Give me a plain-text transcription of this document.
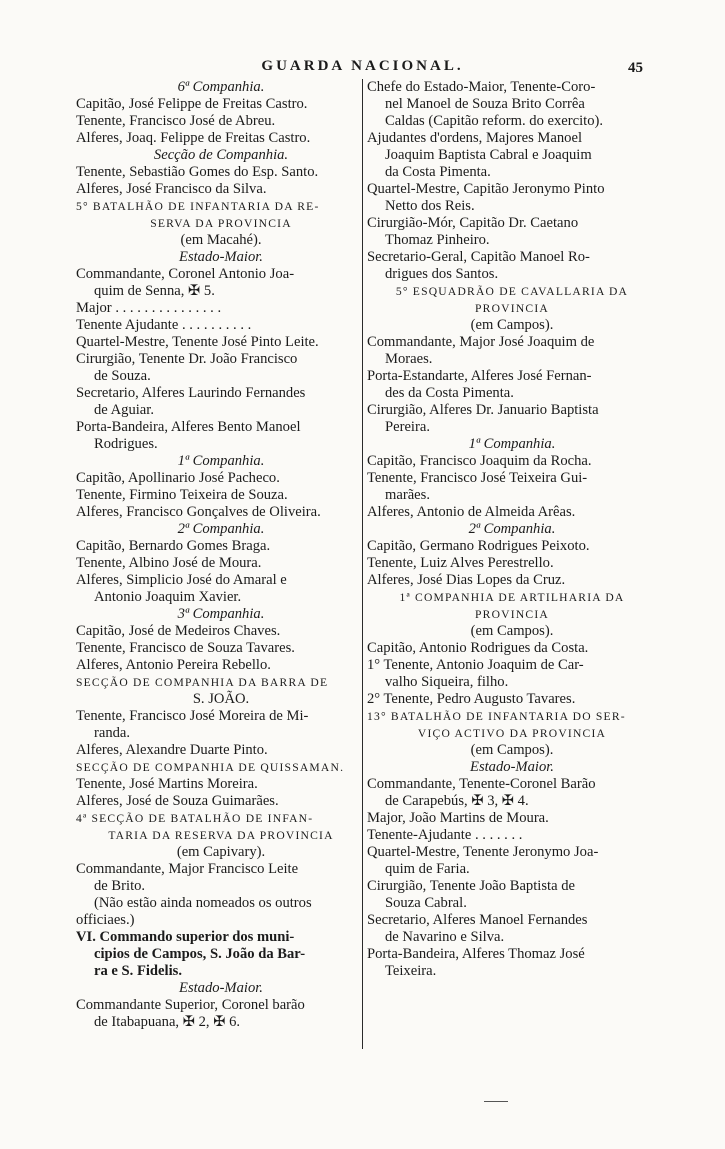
GUARDA NACIONAL.	45
6ª Companhia.
Capitão, José Felippe de Freitas Castro.
Tenente, Francisco José de Abreu.
Alferes, Joaq. Felippe de Freitas Castro.
Secção de Companhia.
Tenente, Sebastião Gomes do Esp. Santo.
Alferes, José Francisco da Silva.
5° BATALHÃO DE INFANTARIA DA RE-
SERVA DA PROVINCIA
(em Macahé).
Estado-Maior.
Commandante, Coronel Antonio Joa-
quim de Senna, ✠ 5.
Major . . . . . . . . . . . . . . .
Tenente Ajudante . . . . . . . . . .
Quartel-Mestre, Tenente José Pinto Leite.
Cirurgião, Tenente Dr. João Francisco
de Souza.
Secretario, Alferes Laurindo Fernandes
de Aguiar.
Porta-Bandeira, Alferes Bento Manoel
Rodrigues.
1ª Companhia.
Capitão, Apollinario José Pacheco.
Tenente, Firmino Teixeira de Souza.
Alferes, Francisco Gonçalves de Oliveira.
2ª Companhia.
Capitão, Bernardo Gomes Braga.
Tenente, Albino José de Moura.
Alferes, Simplicio José do Amaral e
Antonio Joaquim Xavier.
3ª Companhia.
Capitão, José de Medeiros Chaves.
Tenente, Francisco de Souza Tavares.
Alferes, Antonio Pereira Rebello.
SECÇÃO DE COMPANHIA DA BARRA DE
S. JOÃO.
Tenente, Francisco José Moreira de Mi-
randa.
Alferes, Alexandre Duarte Pinto.
SECÇÃO DE COMPANHIA DE QUISSAMAN.
Tenente, José Martins Moreira.
Alferes, José de Souza Guimarães.
4ª SECÇÃO DE BATALHÃO DE INFAN-
TARIA DA RESERVA DA PROVINCIA
(em Capivary).
Commandante, Major Francisco Leite
de Brito.
(Não estão ainda nomeados os outros
officiaes.)
VI. Commando superior dos muni-
cipios de Campos, S. João da Bar-
ra e S. Fidelis.
Estado-Maior.
Commandante Superior, Coronel barão
de Itabapuana, ✠ 2, ✠ 6.
Chefe do Estado-Maior, Tenente-Coro-
nel Manoel de Souza Brito Corrêa
Caldas (Capitão reform. do exercito).
Ajudantes d'ordens, Majores Manoel
Joaquim Baptista Cabral e Joaquim
da Costa Pimenta.
Quartel-Mestre, Capitão Jeronymo Pinto
Netto dos Reis.
Cirurgião-Mór, Capitão Dr. Caetano
Thomaz Pinheiro.
Secretario-Geral, Capitão Manoel Ro-
drigues dos Santos.
5° ESQUADRÃO DE CAVALLARIA DA
PROVINCIA
(em Campos).
Commandante, Major José Joaquim de
Moraes.
Porta-Estandarte, Alferes José Fernan-
des da Costa Pimenta.
Cirurgião, Alferes Dr. Januario Baptista
Pereira.
1ª Companhia.
Capitão, Francisco Joaquim da Rocha.
Tenente, Francisco José Teixeira Gui-
marães.
Alferes, Antonio de Almeida Arêas.
2ª Companhia.
Capitão, Germano Rodrigues Peixoto.
Tenente, Luiz Alves Perestrello.
Alferes, José Dias Lopes da Cruz.
1ª COMPANHIA DE ARTILHARIA DA
PROVINCIA
(em Campos).
Capitão, Antonio Rodrigues da Costa.
1° Tenente, Antonio Joaquim de Car-
valho Siqueira, filho.
2° Tenente, Pedro Augusto Tavares.
13° BATALHÃO DE INFANTARIA DO SER-
VIÇO ACTIVO DA PROVINCIA
(em Campos).
Estado-Maior.
Commandante, Tenente-Coronel Barão
de Carapebús, ✠ 3, ✠ 4.
Major, João Martins de Moura.
Tenente-Ajudante . . . . . . .
Quartel-Mestre, Tenente Jeronymo Joa-
quim de Faria.
Cirurgião, Tenente João Baptista de
Souza Cabral.
Secretario, Alferes Manoel Fernandes
de Navarino e Silva.
Porta-Bandeira, Alferes Thomaz José
Teixeira.
